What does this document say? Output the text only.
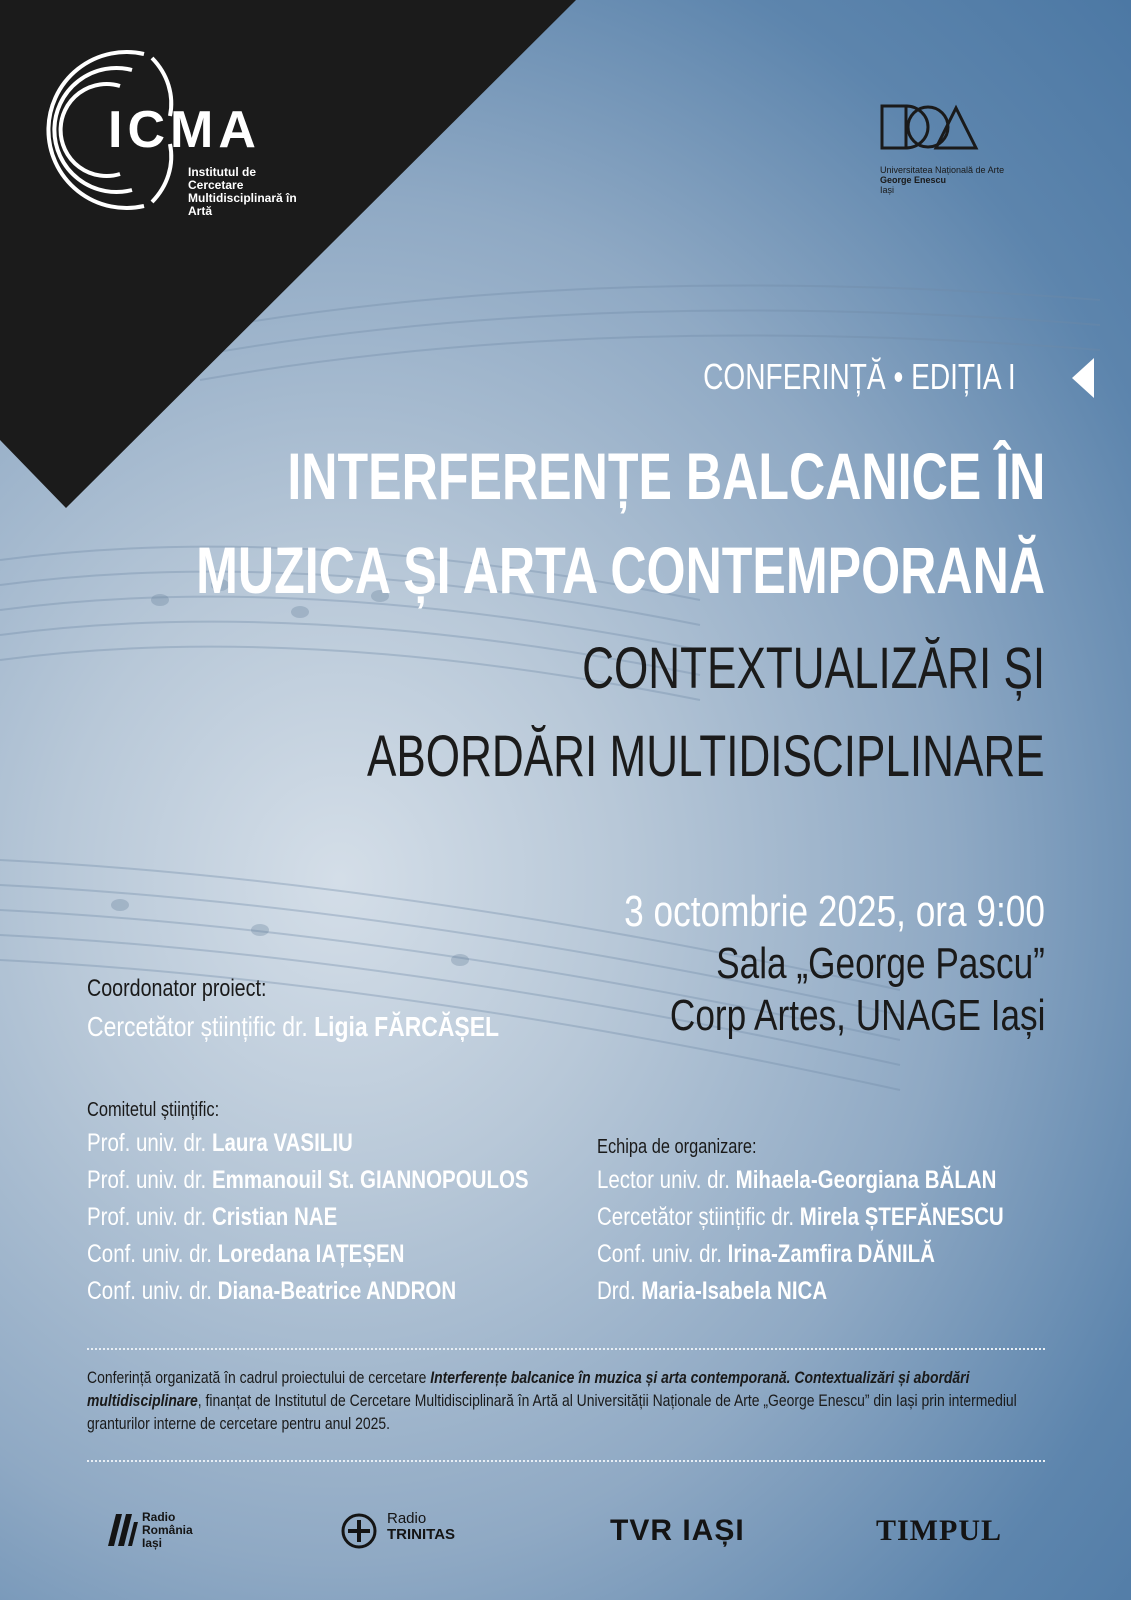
ICMA
Institutul de
Cercetare
Multidisciplinară în
Artă
Universitatea Națională de Arte
George Enescu
Iași
CONFERINȚĂ • EDIȚIA I
INTERFERENȚE BALCANICE ÎN
MUZICA ȘI ARTA CONTEMPORANĂ
CONTEXTUALIZĂRI ȘI
ABORDĂRI MULTIDISCIPLINARE
3 octombrie 2025, ora 9:00
Sala „George Pascu”
Corp Artes, UNAGE Iași
Coordonator proiect:
Cercetător științific dr. Ligia FĂRCĂȘEL
Comitetul științific:
Prof. univ. dr. Laura VASILIU
Prof. univ. dr. Emmanouil St. GIANNOPOULOS
Prof. univ. dr. Cristian NAE
Conf. univ. dr. Loredana IAȚEȘEN
Conf. univ. dr. Diana-Beatrice ANDRON
Echipa de organizare:
Lector univ. dr. Mihaela-Georgiana BĂLAN
Cercetător științific dr. Mirela ȘTEFĂNESCU
Conf. univ. dr. Irina-Zamfira DĂNILĂ
Drd. Maria-Isabela NICA
Conferință organizată în cadrul proiectului de cercetare Interferențe balcanice în muzica și arta contemporană. Contextualizări și abordări multidisciplinare, finanțat de Institutul de Cercetare Multidisciplinară în Artă al Universității Naționale de Arte „George Enescu” din Iași prin intermediul granturilor interne de cercetare pentru anul 2025.
Radio
România
Iași
Radio
TRINITAS	TVR IAȘI	TIMPUL
